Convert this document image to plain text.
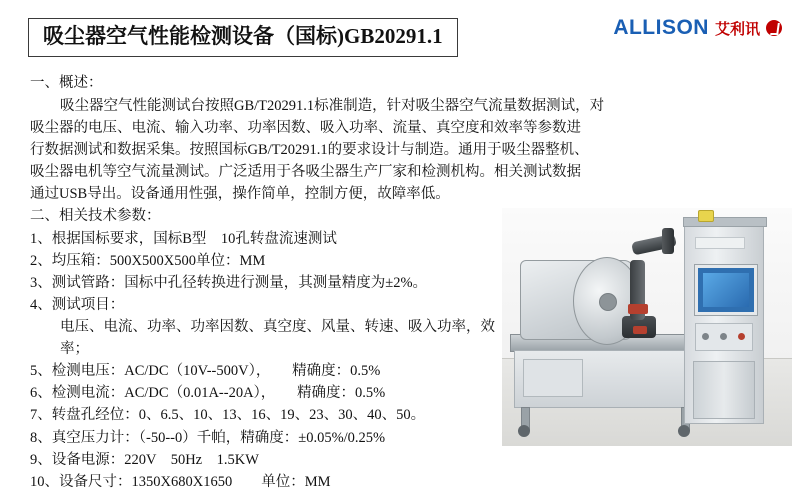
吸尘器空气性能检测设备（国标)GB20291.1	ALLISON 艾利讯
一、概述：
吸尘器空气性能测试台按照GB/T20291.1标准制造，针对吸尘器空气流量数据测试，对
吸尘器的电压、电流、输入功率、功率因数、吸入功率、流量、真空度和效率等参数进
行数据测试和数据采集。按照国标GB/T20291.1的要求设计与制造。通用于吸尘器整机、
吸尘器电机等空气流量测试。广泛适用于各吸尘器生产厂家和检测机构。相关测试数据
通过USB导出。设备通用性强，操作简单，控制方便，故障率低。
二、相关技术参数：
1、根据国标要求，国标B型　10孔转盘流速测试
2、均压箱：500X500X500单位：MM
3、测试管路：国标中孔径转换进行测量，其测量精度为±2%。
4、测试项目：
电压、电流、功率、功率因数、真空度、风量、转速、吸入功率，效率；
5、检测电压：AC/DC（10V--500V），　　精确度：0.5%
6、检测电流：AC/DC（0.01A--20A），　　精确度：0.5%
7、转盘孔经位：0、6.5、10、13、16、19、23、30、40、50。
8、真空压力计：（-50--0）千帕，精确度：±0.05%/0.25%
9、设备电源：220V　50Hz　1.5KW
10、设备尺寸：1350X680X1650　　单位：MM
